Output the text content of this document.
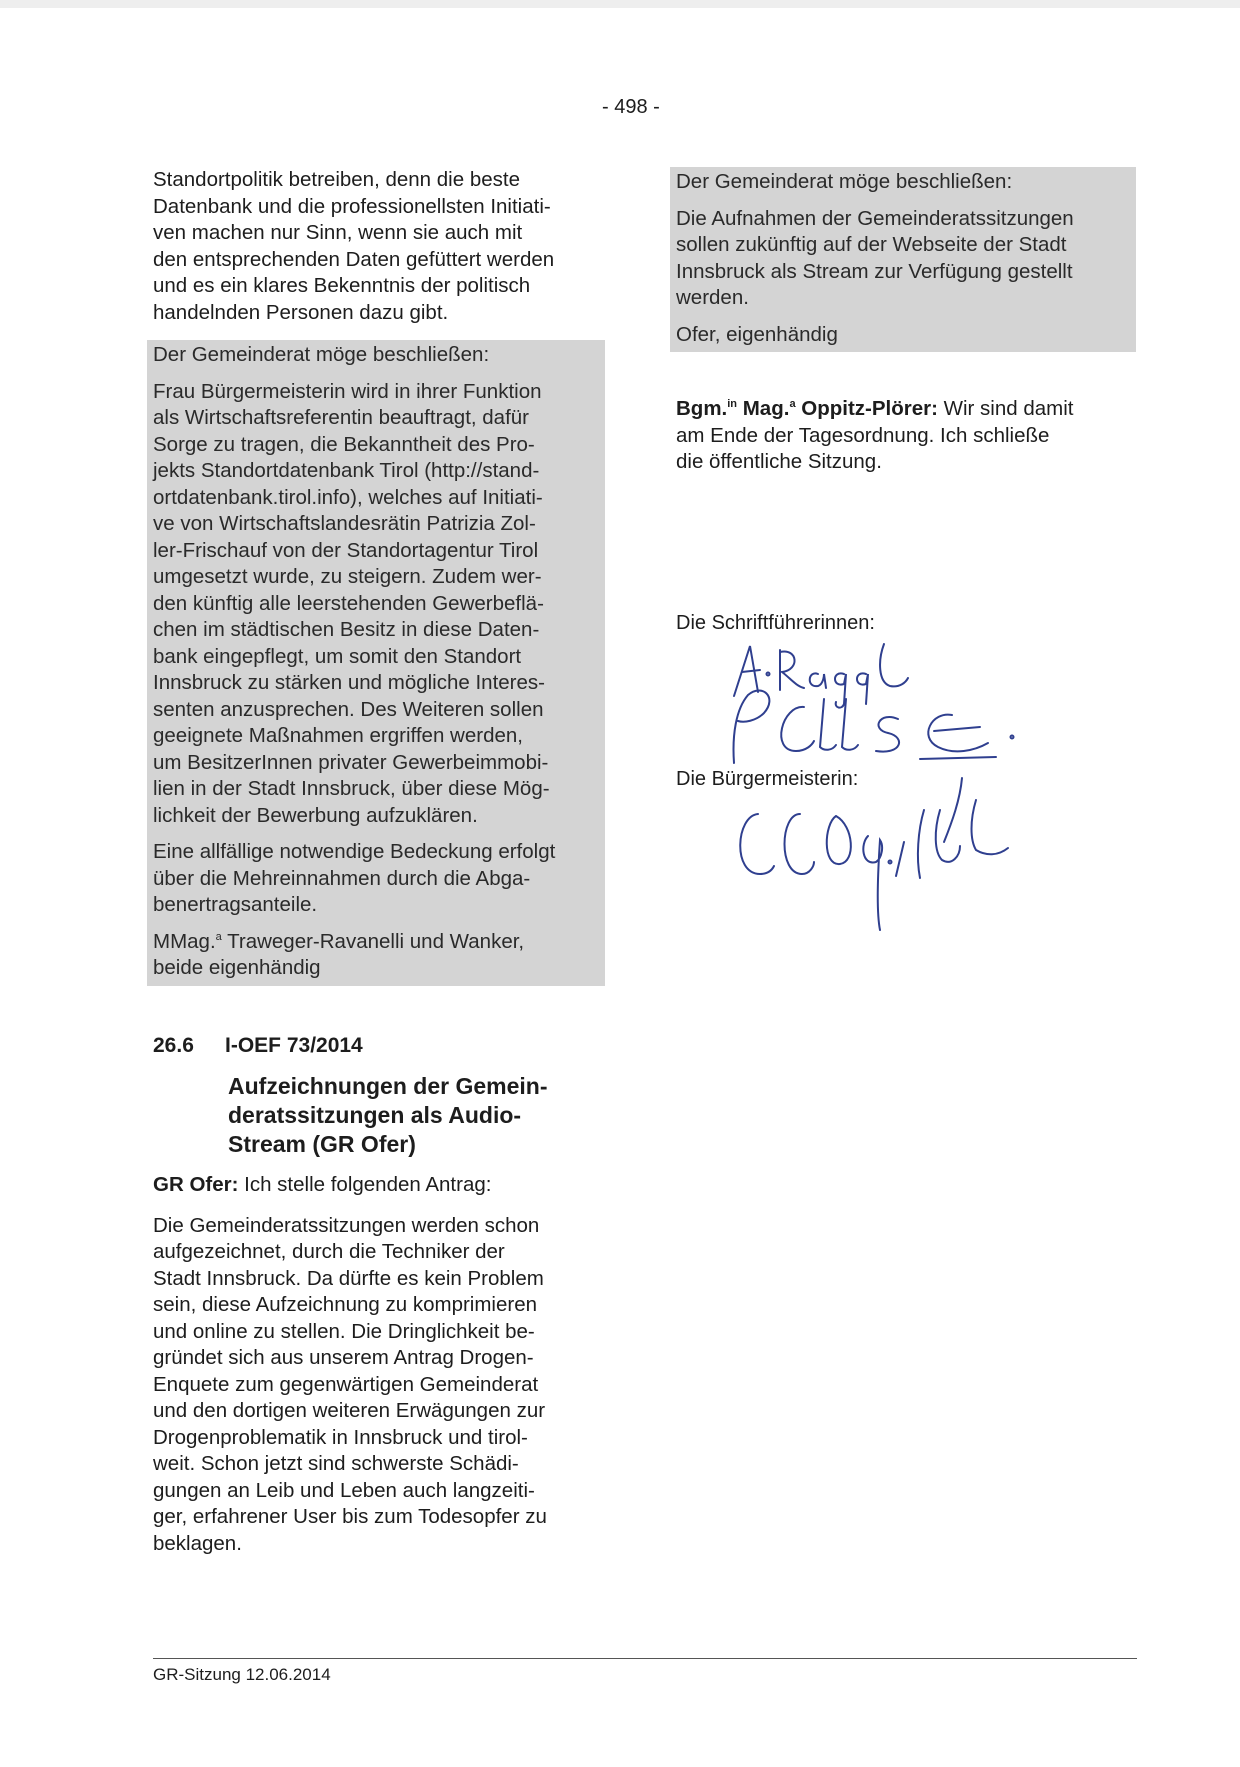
- 498 -

Standortpolitik betreiben, denn die beste
Datenbank und die professionellsten Initiati-
ven machen nur Sinn, wenn sie auch mit
den entsprechenden Daten gefüttert werden
und es ein klares Bekenntnis der politisch
handelnden Personen dazu gibt.

Der Gemeinderat möge beschließen:

Frau Bürgermeisterin wird in ihrer Funktion
als Wirtschaftsreferentin beauftragt, dafür
Sorge zu tragen, die Bekanntheit des Pro-
jekts Standortdatenbank Tirol (http://stand-
ortdatenbank.tirol.info), welches auf Initiati-
ve von Wirtschaftslandesrätin Patrizia Zol-
ler-Frischauf von der Standortagentur Tirol
umgesetzt wurde, zu steigern. Zudem wer-
den künftig alle leerstehenden Gewerbeflä-
chen im städtischen Besitz in diese Daten-
bank eingepflegt, um somit den Standort
Innsbruck zu stärken und mögliche Interes-
senten anzusprechen. Des Weiteren sollen
geeignete Maßnahmen ergriffen werden,
um BesitzerInnen privater Gewerbeimmobi-
lien in der Stadt Innsbruck, über diese Mög-
lichkeit der Bewerbung aufzuklären.

Eine allfällige notwendige Bedeckung erfolgt
über die Mehreinnahmen durch die Abga-
benertragsanteile.

MMag.$^a$ Traweger-Ravanelli und Wanker,
beide eigenhändig

26.6 I-OEF 73/2014
Aufzeichnungen der Gemein-
deratssitzungen als Audio-
Stream (GR Ofer)

GR Ofer: Ich stelle folgenden Antrag:

Die Gemeinderatssitzungen werden schon
aufgezeichnet, durch die Techniker der
Stadt Innsbruck. Da dürfte es kein Problem
sein, diese Aufzeichnung zu komprimieren
und online zu stellen. Die Dringlichkeit be-
gründet sich aus unserem Antrag Drogen-
Enquete zum gegenwärtigen Gemeinderat
und den dortigen weiteren Erwägungen zur
Drogenproblematik in Innsbruck und tirol-
weit. Schon jetzt sind schwerste Schädi-
gungen an Leib und Leben auch langzeiti-
ger, erfahrener User bis zum Todesopfer zu
beklagen.

Der Gemeinderat möge beschließen:

Die Aufnahmen der Gemeinderatssitzungen
sollen zukünftig auf der Webseite der Stadt
Innsbruck als Stream zur Verfügung gestellt
werden.

Ofer, eigenhändig

Bgm.$^{in}$ Mag.$^a$ Oppitz-Plörer: Wir sind damit
am Ende der Tagesordnung. Ich schließe
die öffentliche Sitzung.

Die Schriftführerinnen:
Die Bürgermeisterin:
GR-Sitzung 12.06.2014
